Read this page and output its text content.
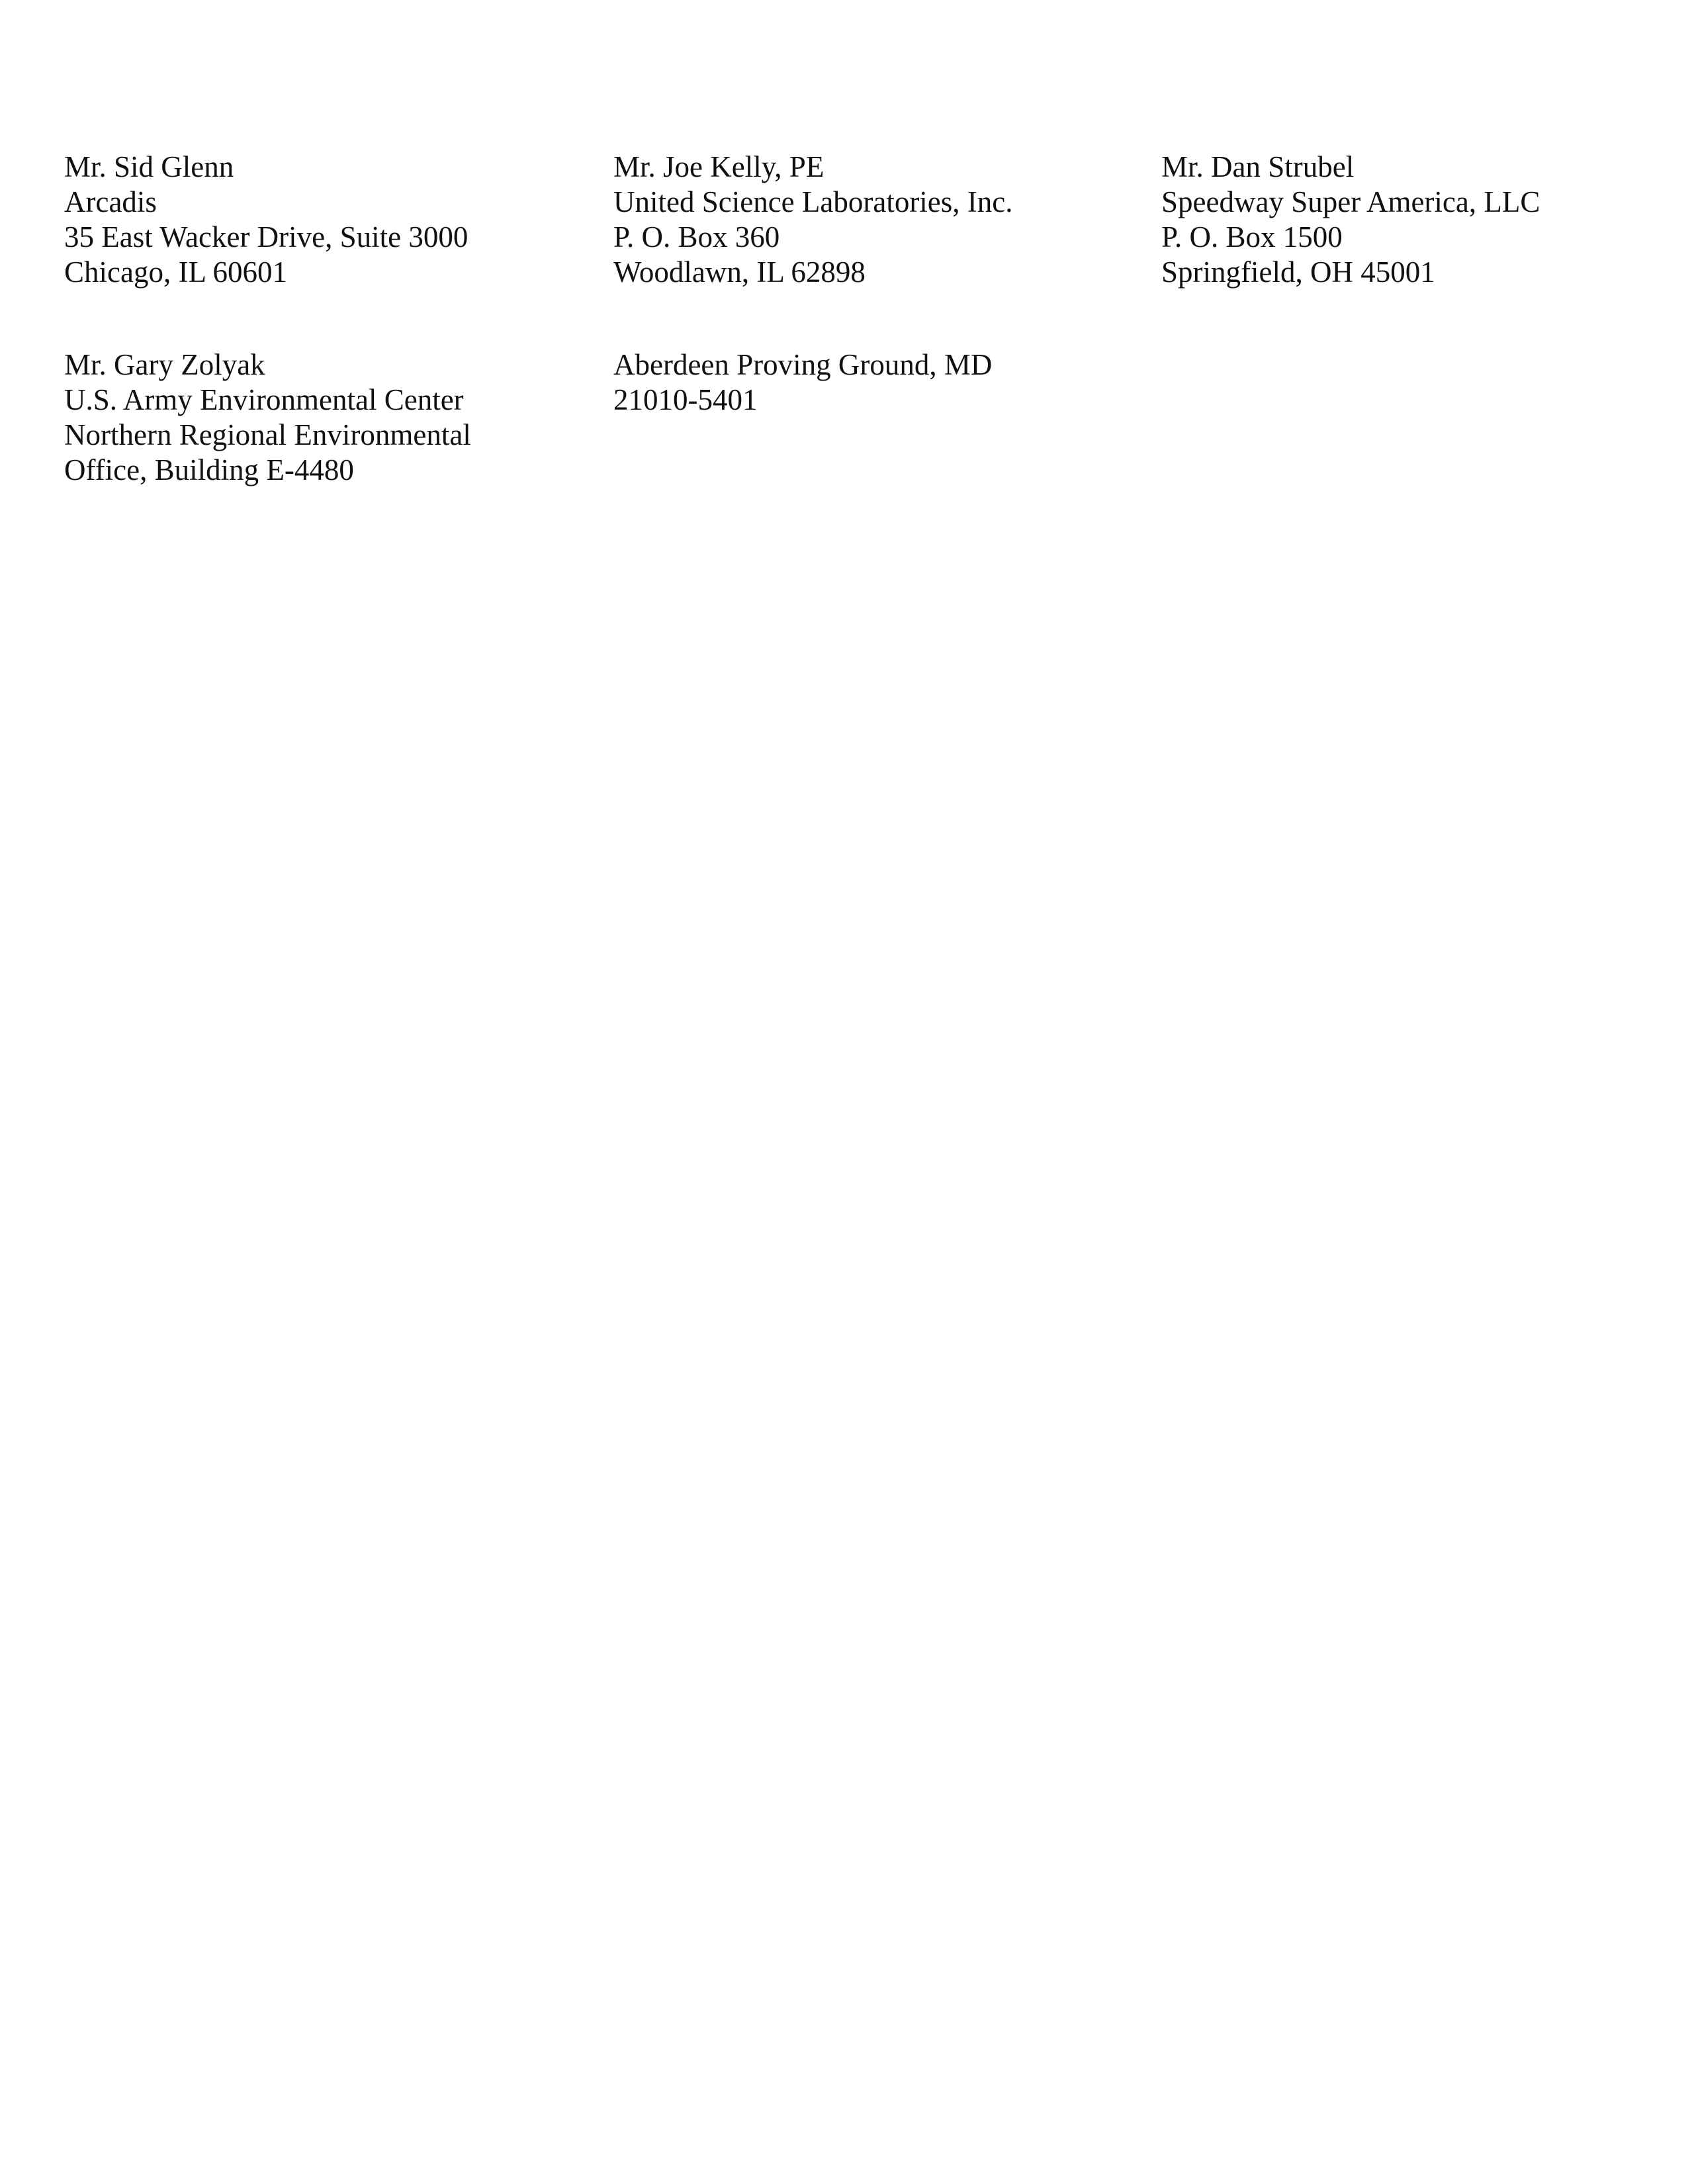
Mr. Sid Glenn
Arcadis
35 East Wacker Drive, Suite 3000
Chicago, IL 60601
Mr. Joe Kelly, PE
United Science Laboratories, Inc.
P. O. Box 360
Woodlawn, IL 62898
Mr. Dan Strubel
Speedway Super America, LLC
P. O. Box 1500
Springfield, OH 45001
Mr. Gary Zolyak
U.S. Army Environmental Center
Northern Regional Environmental
Office, Building E-4480
Aberdeen Proving Ground, MD
21010-5401
